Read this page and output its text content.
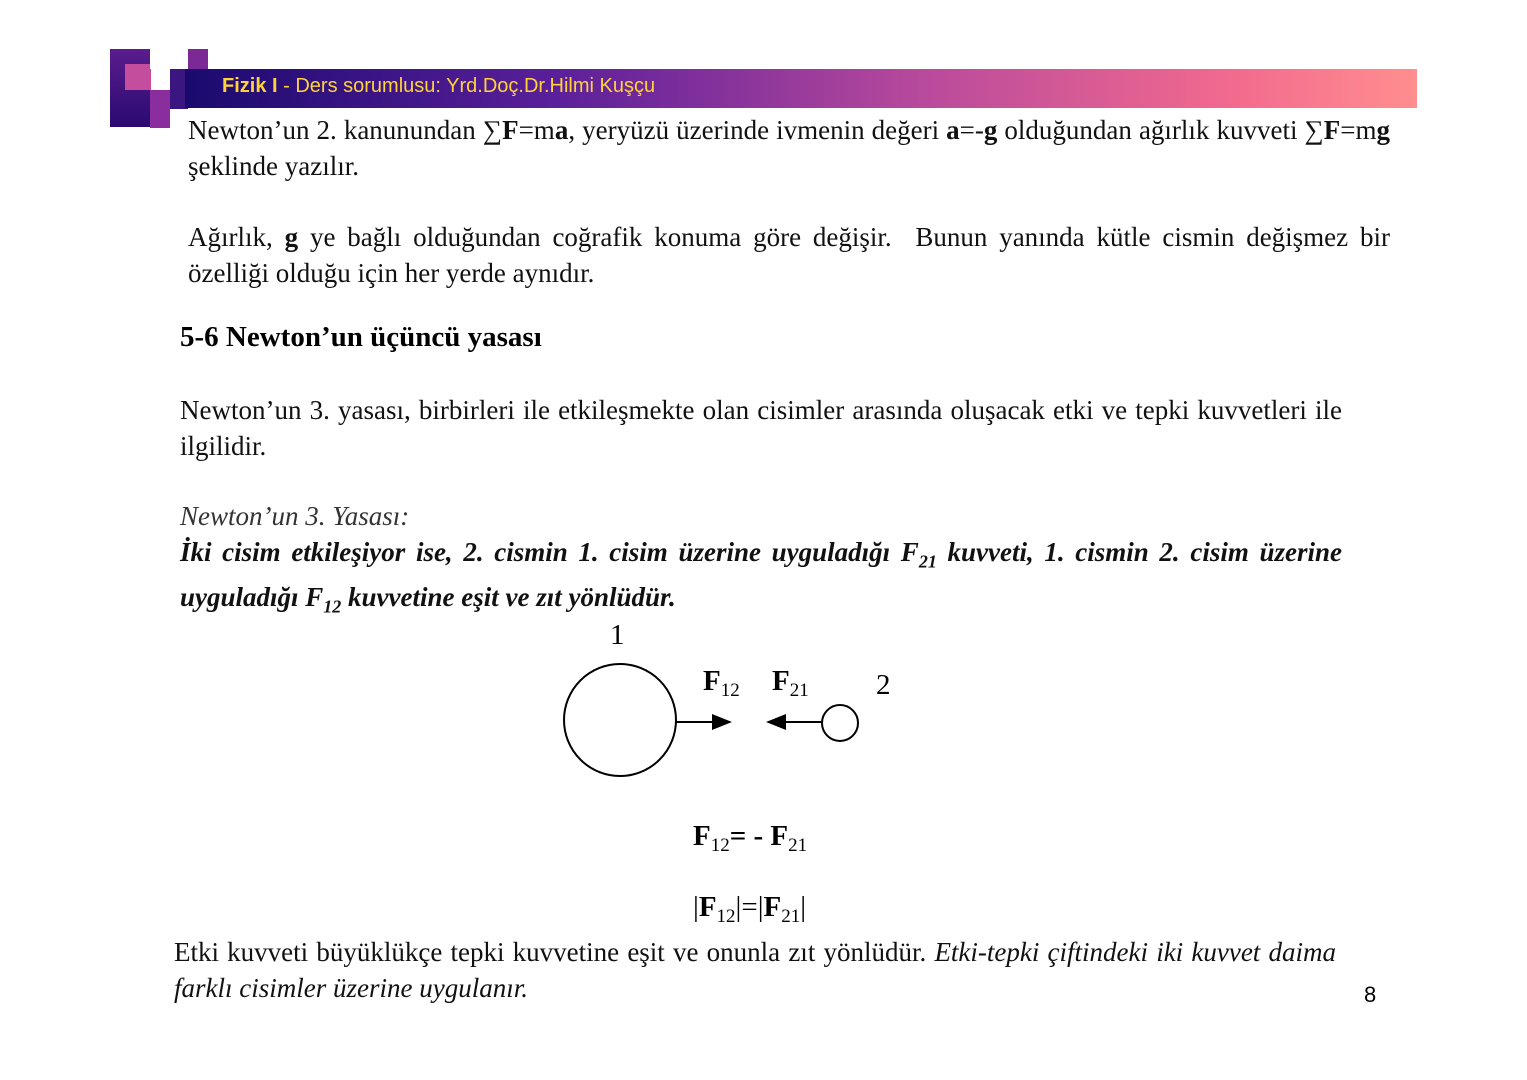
Fizik I - Ders sorumlusu: Yrd.Doç.Dr.Hilmi Kuşçu
Newton’un 2. kanunundan ∑F=ma, yeryüzü üzerinde ivmenin değeri a=-g olduğundan ağırlık kuvveti ∑F=mg şeklinde yazılır.
Ağırlık, g ye bağlı olduğundan coğrafik konuma göre değişir.  Bunun yanında kütle cismin değişmez bir özelliği olduğu için her yerde aynıdır.
5-6 Newton’un üçüncü yasası
Newton’un 3. yasası, birbirleri ile etkileşmekte olan cisimler arasında oluşacak etki ve tepki kuvvetleri ile ilgilidir.
Newton’un 3. Yasası:
İki cisim etkileşiyor ise, 2. cismin 1. cisim üzerine uyguladığı $F_{21}$ kuvveti, 1. cismin 2. cisim üzerine uyguladığı $F_{12}$ kuvvetine eşit ve zıt yönlüdür.
1
2
$F_{12}$ $F_{21}$
$F_{12}= - F_{21}$
$|F_{12}|=|F_{21}|$
Etki kuvveti büyüklükçe tepki kuvvetine eşit ve onunla zıt yönlüdür. Etki-tepki çiftindeki iki kuvvet daima farklı cisimler üzerine uygulanır.	8
